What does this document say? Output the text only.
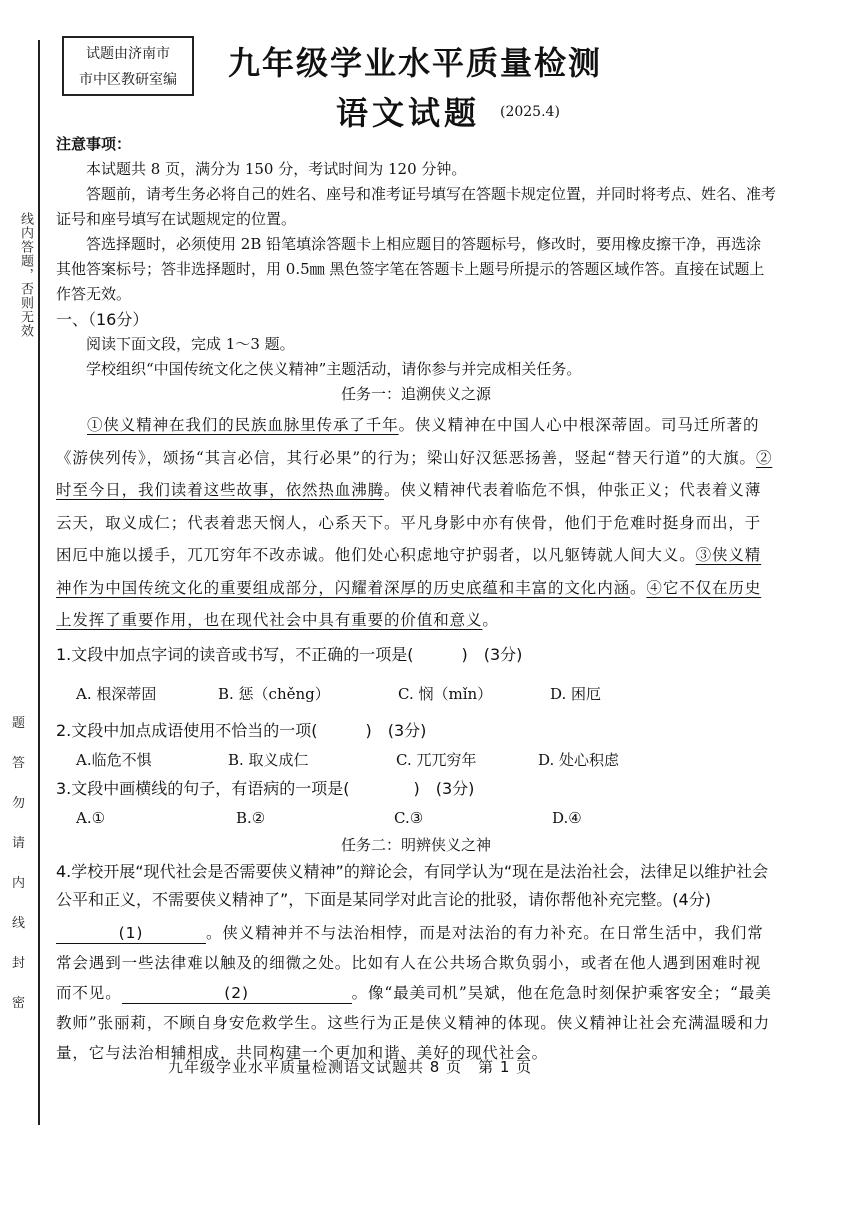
线内答题，否则无效
题
答
勿
请
内
线
封
密
试题由济南市
市中区教研室编	九年级学业水平质量检测
语文试题 (2025.4)

注意事项：

本试题共 8 页，满分为 150 分，考试时间为 120 分钟。

答题前，请考生务必将自己的姓名、座号和准考证号填写在答题卡规定位置，并同时将考点、姓名、准考证号和座号填写在试题规定的位置。

答选择题时，必须使用 2B 铅笔填涂答题卡上相应题目的答题标号，修改时，要用橡皮擦干净，再选涂其他答案标号；答非选择题时，用 0.5㎜ 黑色签字笔在答题卡上题号所提示的答题区域作答。直接在试题上作答无效。

一、（16分）

阅读下面文段，完成 1～3 题。

学校组织“中国传统文化之侠义精神”主题活动，请你参与并完成相关任务。

任务一：追溯侠义之源

①侠义精神在我们的民族血脉里传承了千年。侠义精神在中国人心中根深蒂固。司马迁所著的《游侠列传》，颂扬“其言必信，其行必果”的行为；梁山好汉惩恶扬善，竖起“替天行道”的大旗。②时至今日，我们读着这些故事，依然热血沸腾。侠义精神代表着临危不惧，仲张正义；代表着义薄云天，取义成仁；代表着悲天悯人，心系天下。平凡身影中亦有侠骨，他们于危难时挺身而出，于困厄中施以援手，兀兀穷年不改赤诚。他们处心积虑地守护弱者，以凡躯铸就人间大义。③侠义精神作为中国传统文化的重要组成部分，闪耀着深厚的历史底蕴和丰富的文化内涵。④它不仅在历史上发挥了重要作用，也在现代社会中具有重要的价值和意义。

1.文段中加点字词的读音或书写，不正确的一项是(　　　)　(3分)

A. 根深蒂固	B. 惩（chěng）	C. 悯（mǐn）	D. 困厄

2.文段中加点成语使用不恰当的一项(　　　)　(3分)

A.临危不惧	B. 取义成仁	C. 兀兀穷年	D. 处心积虑

3.文段中画横线的句子，有语病的一项是(　　　　)　(3分)

A.①	B.②	C.③	D.④

任务二：明辨侠义之神

4.学校开展“现代社会是否需要侠义精神”的辩论会，有同学认为“现在是法治社会，法律足以维护社会公平和正义，不需要侠义精神了”，下面是某同学对此言论的批驳，请你帮他补充完整。(4分)

(1)	。侠义精神并不与法治相悖，而是对法治的有力补充。在日常生活中，我们常常会遇到一些法律难以触及的细微之处。比如有人在公共场合欺负弱小，或者在他人遇到困难时视而不见。	(2)	。像“最美司机”吴斌，他在危急时刻保护乘客安全；“最美教师”张丽莉，不顾自身安危救学生。这些行为正是侠义精神的体现。侠义精神让社会充满温暖和力量，它与法治相辅相成，共同构建一个更加和谐、美好的现代社会。

九年级学业水平质量检测语文试题共 8 页　第 1 页
